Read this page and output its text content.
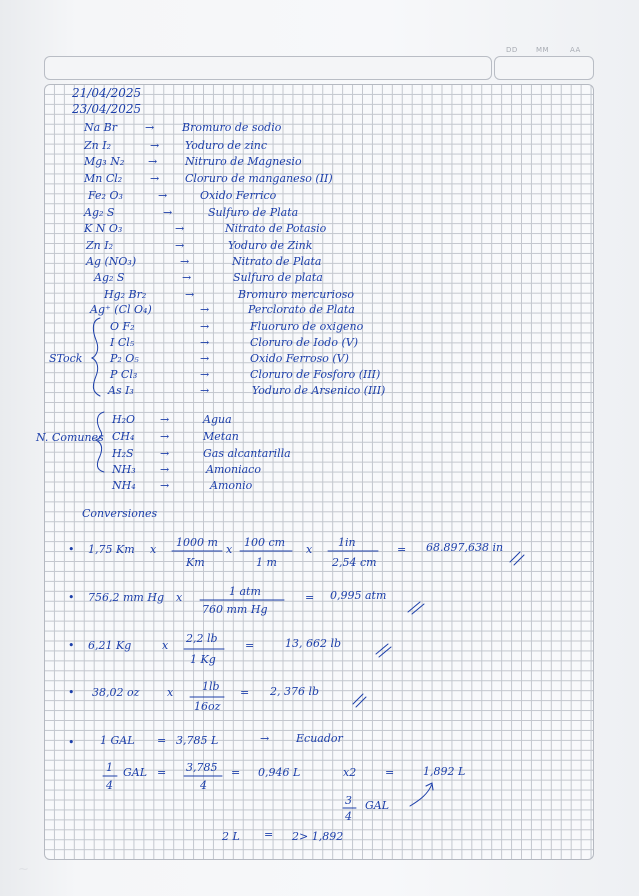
DD	MM	AA
~
21/04/2025
23/04/2025
Na Br	→	Bromuro de sodio
Zn I₂	→ Yoduro de zinc
Mg₃ N₂ →	Nitruro de Magnesio
Mn Cl₂	→ Cloruro de manganeso (II)
Fe₂ O₃	→	Oxido Ferrico
Ag₂ S	→	Sulfuro de Plata
K N O₃	→	Nitrato de Potasio
Zn I₂	→	Yoduro de Zink
Ag (NO₃)	→	Nitrato de Plata
Ag₂ S	→	Sulfuro de plata
Hg₂ Br₂	→	Bromuro mercurioso
Ag⁺ (Cl O₄)	→	Perclorato de Plata
STock
O F₂	→	Fluoruro de oxigeno
I Cl₅	→	Cloruro de Iodo (V)
P₂ O₅	→	Oxido Ferroso (V)
P Cl₃	→	Cloruro de Fosforo (III)
As I₃	→	Yoduro de Arsenico (III)
N. Comunes
H₂O →	Agua
CH₄ →	Metan
H₂S →	Gas alcantarilla
NH₃ →	Amoniaco
NH₄ →	Amonio
Conversiones
• 1,75 Km x
1000 m
Km
x
100 cm
1 m
x
1in
2,54 cm
= 68.897,638 in
• 756,2 mm Hg x	1 atm
760 mm Hg
= 0,995 atm
• 6,21 Kg	x
2,2 lb
1 Kg
=	13, 662 lb
• 38,02 oz	x	1lb
16oz
= 2, 376 lb
• 1 GAL = 3,785 L	→ Ecuador
1
4
GAL = 3,785
4
= 0,946 L	x2	=	1,892 L
3
4
GAL
2 L = 2> 1,892
